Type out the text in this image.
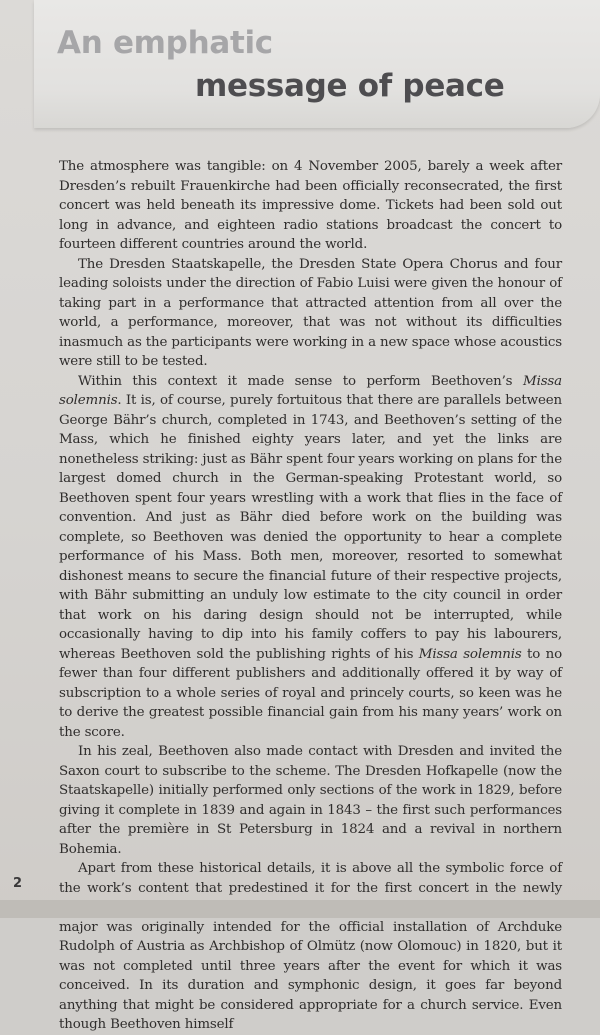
An emphatic
message of peace

The atmosphere was tangible: on 4 November 2005, barely a week after Dresden’s rebuilt Frauenkirche had been officially reconsecrated, the first concert was held beneath its impressive dome. Tickets had been sold out long in advance, and eighteen radio stations broadcast the concert to fourteen different countries around the world.

The Dresden Staatskapelle, the Dresden State Opera Chorus and four leading soloists under the direction of Fabio Luisi were given the honour of taking part in a performance that attracted attention from all over the world, a performance, moreover, that was not without its difficulties inasmuch as the participants were working in a new space whose acoustics were still to be tested.

Within this context it made sense to perform Beethoven’s Missa solemnis. It is, of course, purely fortuitous that there are parallels between George Bähr’s church, completed in 1743, and Beethoven’s setting of the Mass, which he finished eighty years later, and yet the links are nonetheless striking: just as Bähr spent four years working on plans for the largest domed church in the German-speaking Protestant world, so Beethoven spent four years wrestling with a work that flies in the face of convention. And just as Bähr died before work on the building was complete, so Beethoven was denied the opportunity to hear a complete performance of his Mass. Both men, moreover, resorted to somewhat dishonest means to secure the financial future of their respective projects, with Bähr submitting an unduly low estimate to the city council in order that work on his daring design should not be interrupted, while occasionally having to dip into his family coffers to pay his labourers, whereas Beethoven sold the publishing rights of his Missa solemnis to no fewer than four different publishers and additionally offered it by way of subscription to a whole series of royal and princely courts, so keen was he to derive the greatest possible financial gain from his many years’ work on the score.

In his zeal, Beethoven also made contact with Dresden and invited the Saxon court to subscribe to the scheme. The Dresden Hofkapelle (now the Staatskapelle) initially performed only sections of the work in 1829, before giving it complete in 1839 and again in 1843 – the first such performances after the première in St Petersburg in 1824 and a revival in northern Bohemia.

Apart from these historical details, it is above all the symbolic force of the work’s content that predestined it for the first concert in the newly major was originally intended for the official installation of Archduke Rudolph of Austria as Archbishop of Olmütz (now Olomouc) in 1820, but it was not completed until three years after the event for which it was conceived. In its duration and symphonic design, it goes far beyond anything that might be considered appropriate for a church service. Even though Beethoven himself

2
